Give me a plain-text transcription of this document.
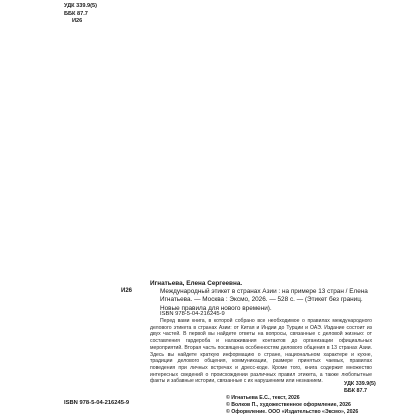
УДК 339.9(5)
ББК 87.7
И26
И26
Игнатьева, Елена Сергеевна.
Международный этикет в странах Азии : на примере 13 стран / Елена Игнатьева. — Москва : Эксмо, 2026. — 528 с. — (Этикет без границ. Новые правила для нового времени).
ISBN 978-5-04-216245-9
Перед вами книга, в которой собрано все необходимое о правилах международного делового этикета в странах Азии: от Китая и Индии до Турции и ОАЭ. Издание состоит из двух частей. В первой вы найдете ответы на вопросы, связанные с деловой жизнью: от составления гардероба и налаживания контактов до организации официальных мероприятий. Вторая часть посвящена особенностям делового общения в 13 странах Азии. Здесь вы найдете краткую информацию о стране, национальном характере и кухне, традиции делового общения, коммуникации, размере принятых чаевых, правилах поведения при личных встречах и дресс-коде. Кроме того, книга содержит множество интересных сведений о происхождении различных правил этикета, а также любопытные факты и забавные истории, связанные с их нарушением или незнанием.	УДК 339.9(5)
ББК 87.7
ISBN 978-5-04-216245-9
© Игнатьева Е.С., текст, 2026
© Волков П., художественное оформление, 2026
© Оформление. ООО «Издательство «Эксмо», 2026
